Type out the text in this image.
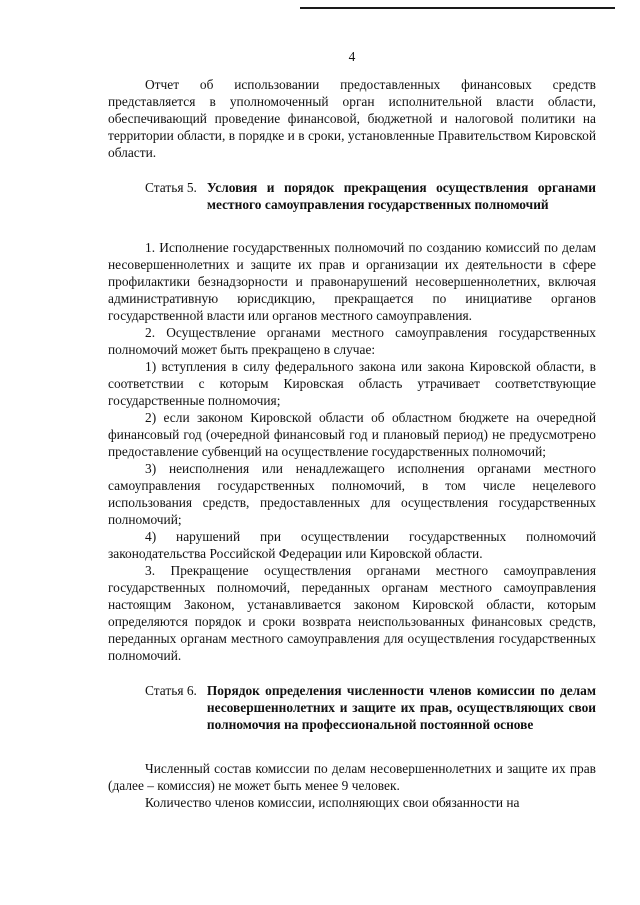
4

Отчет об использовании предоставленных финансовых средств представляется в уполномоченный орган исполнительной власти области, обеспечивающий проведение финансовой, бюджетной и налоговой политики на территории области, в порядке и в сроки, установленные Правительством Кировской области.

Статья 5. Условия и порядок прекращения осуществления органами местного самоуправления государственных полномочий

1. Исполнение государственных полномочий по созданию комиссий по делам несовершеннолетних и защите их прав и организации их деятельности в сфере профилактики безнадзорности и правонарушений несовершеннолетних, включая административную юрисдикцию, прекращается по инициативе органов государственной власти или органов местного самоуправления.

2. Осуществление органами местного самоуправления государственных полномочий может быть прекращено в случае:

1) вступления в силу федерального закона или закона Кировской области, в соответствии с которым Кировская область утрачивает соответствующие государственные полномочия;

2) если законом Кировской области об областном бюджете на очередной финансовый год (очередной финансовый год и плановый период) не предусмотрено предоставление субвенций на осуществление государственных полномочий;

3) неисполнения или ненадлежащего исполнения органами местного самоуправления государственных полномочий, в том числе нецелевого использования средств, предоставленных для осуществления государственных полномочий;

4) нарушений при осуществлении государственных полномочий законодательства Российской Федерации или Кировской области.

3. Прекращение осуществления органами местного самоуправления государственных полномочий, переданных органам местного самоуправления настоящим Законом, устанавливается законом Кировской области, которым определяются порядок и сроки возврата неиспользованных финансовых средств, переданных органам местного самоуправления для осуществления государственных полномочий.

Статья 6. Порядок определения численности членов комиссии по делам несовершеннолетних и защите их прав, осуществляющих свои полномочия на профессиональной постоянной основе

Численный состав комиссии по делам несовершеннолетних и защите их прав (далее – комиссия) не может быть менее 9 человек.

Количество членов комиссии, исполняющих свои обязанности на
